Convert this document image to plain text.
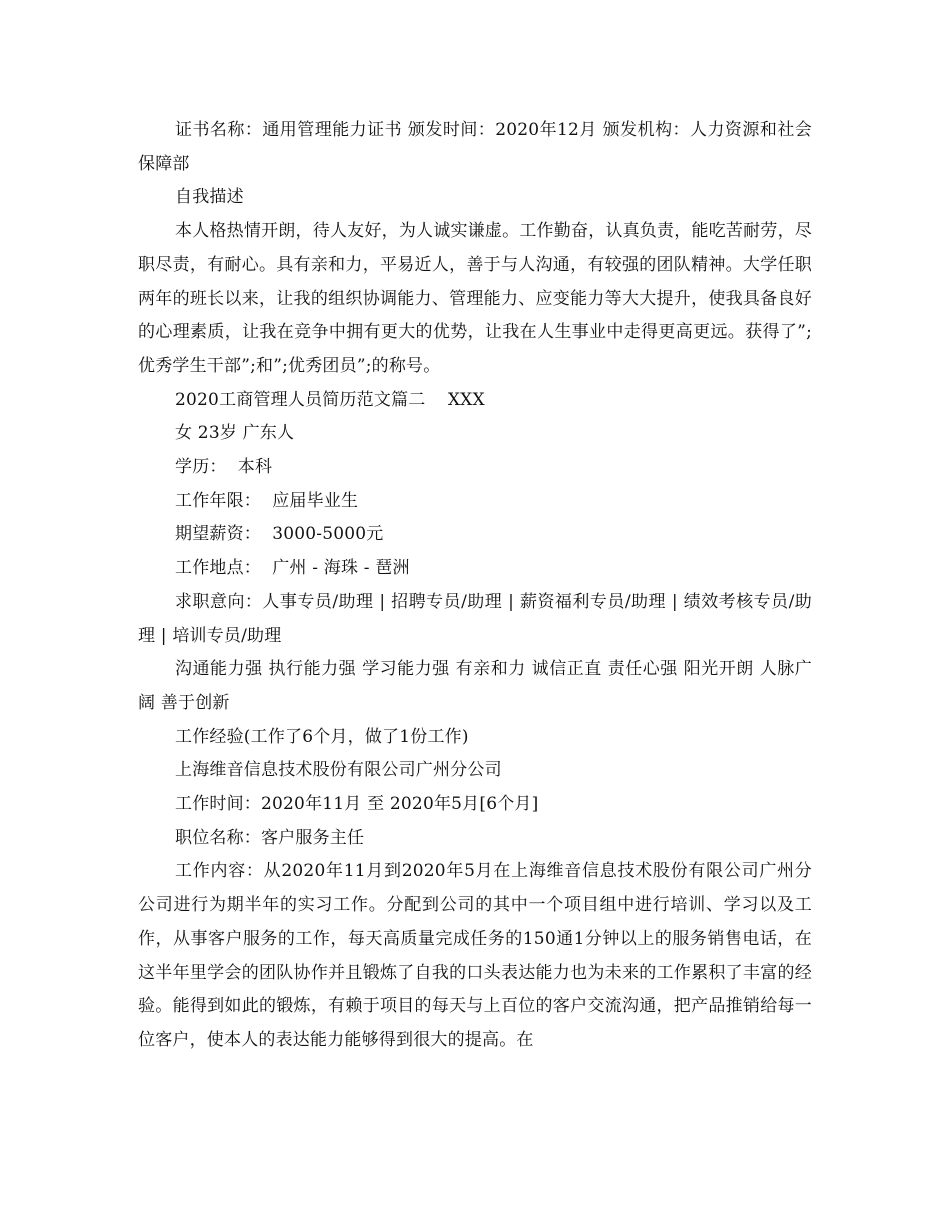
证书名称：通用管理能力证书 颁发时间：2020年12月 颁发机构：人力资源和社会保障部

自我描述

本人格热情开朗，待人友好，为人诚实谦虚。工作勤奋，认真负责，能吃苦耐劳，尽职尽责，有耐心。具有亲和力，平易近人，善于与人沟通，有较强的团队精神。大学任职两年的班长以来，让我的组织协调能力、管理能力、应变能力等大大提升，使我具备良好的心理素质，让我在竞争中拥有更大的优势，让我在人生事业中走得更高更远。获得了”;优秀学生干部”;和”;优秀团员”;的称号。

2020工商管理人员简历范文篇二    XXX

女 23岁 广东人

学历：  本科

工作年限：  应届毕业生

期望薪资：  3000-5000元

工作地点：  广州 - 海珠 - 琶洲

求职意向：人事专员/助理 | 招聘专员/助理 | 薪资福利专员/助理 | 绩效考核专员/助理 | 培训专员/助理

沟通能力强 执行能力强 学习能力强 有亲和力 诚信正直 责任心强 阳光开朗 人脉广阔 善于创新

工作经验(工作了6个月，做了1份工作)

上海维音信息技术股份有限公司广州分公司

工作时间：2020年11月 至 2020年5月[6个月]

职位名称：客户服务主任

工作内容：从2020年11月到2020年5月在上海维音信息技术股份有限公司广州分公司进行为期半年的实习工作。分配到公司的其中一个项目组中进行培训、学习以及工作，从事客户服务的工作，每天高质量完成任务的150通1分钟以上的服务销售电话，在这半年里学会的团队协作并且锻炼了自我的口头表达能力也为未来的工作累积了丰富的经验。能得到如此的锻炼，有赖于项目的每天与上百位的客户交流沟通，把产品推销给每一位客户，使本人的表达能力能够得到很大的提高。在
